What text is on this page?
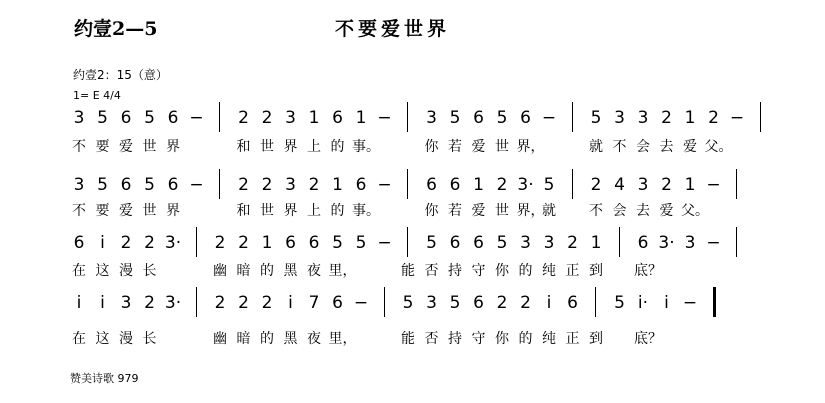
约壹2—5	不要爱世界
约壹2：15（意）
1= E 4/4
3 5 6 5 6 − 2 2 3 1 6 1 − 3 5 6 5 6 − 5 3 3 2 1 2 −
不 要 爱 世 界	和 世 界 上 的 事。	你 若 爱 世 界，	就 不 会 去 爱 父。
3 5 6 5 6 − 2 2 3 2 1 6 − 6 6 1 2 3· 5 2 4 3 2 1 −
不 要 爱 世 界	和 世 界 上 的 事。	你 若 爱 世 界，
就 不 会 去 爱 父。
6 i 2 2 3· 2 2 1 6 6 5 5 − 5 6 6 5 3 3 2 1 6 3· 3 −
在 这 漫 长	幽 暗 的 黑 夜 里，	能 否 持 守 你 的 纯 正 到 底？
i	i 3 2 3· 2 2 2 i 7 6 − 5 3 5 6 2 2 i 6 5 i· i −
在 这 漫 长	幽 暗 的 黑 夜 里，	能 否 持 守 你 的 纯 正 到 底？
赞美诗歌 979
